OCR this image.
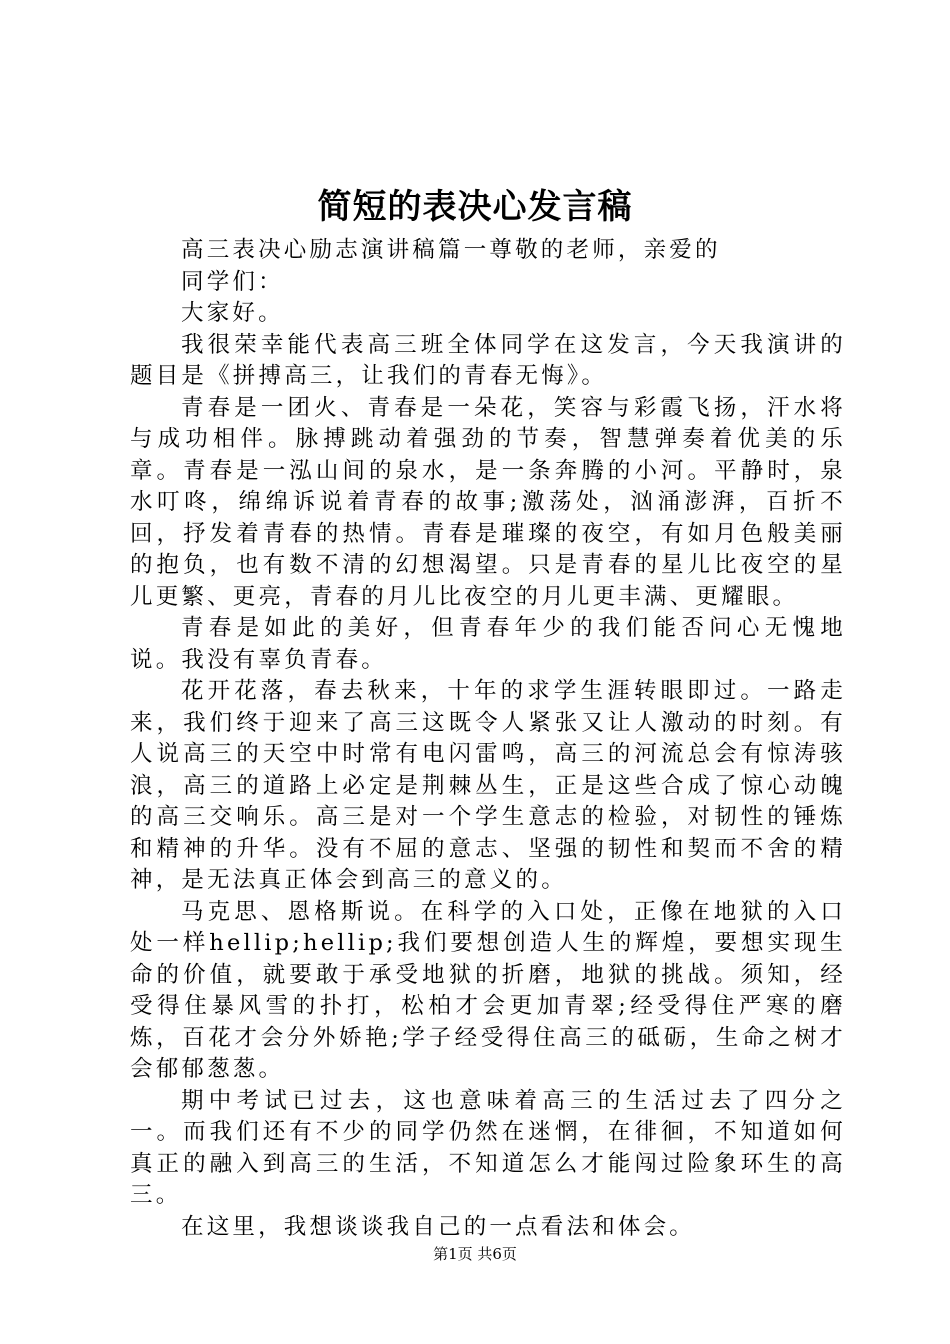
简短的表决心发言稿

高三表决心励志演讲稿篇一尊敬的老师，亲爱的

同学们：

大家好。

我很荣幸能代表高三班全体同学在这发言，今天我演讲的题目是《拼搏高三，让我们的青春无悔》。

青春是一团火、青春是一朵花，笑容与彩霞飞扬，汗水将与成功相伴。脉搏跳动着强劲的节奏，智慧弹奏着优美的乐章。青春是一泓山间的泉水，是一条奔腾的小河。平静时，泉水叮咚，绵绵诉说着青春的故事;激荡处，汹涌澎湃，百折不回，抒发着青春的热情。青春是璀璨的夜空，有如月色般美丽的抱负，也有数不清的幻想渴望。只是青春的星儿比夜空的星儿更繁、更亮，青春的月儿比夜空的月儿更丰满、更耀眼。

青春是如此的美好，但青春年少的我们能否问心无愧地说。我没有辜负青春。

花开花落，春去秋来，十年的求学生涯转眼即过。一路走来，我们终于迎来了高三这既令人紧张又让人激动的时刻。有人说高三的天空中时常有电闪雷鸣，高三的河流总会有惊涛骇浪，高三的道路上必定是荆棘丛生，正是这些合成了惊心动魄的高三交响乐。高三是对一个学生意志的检验，对韧性的锤炼和精神的升华。没有不屈的意志、坚强的韧性和契而不舍的精神，是无法真正体会到高三的意义的。

马克思、恩格斯说。在科学的入口处，正像在地狱的入口处一样hellip;hellip;我们要想创造人生的辉煌，要想实现生命的价值，就要敢于承受地狱的折磨，地狱的挑战。须知，经受得住暴风雪的扑打，松柏才会更加青翠;经受得住严寒的磨炼，百花才会分外娇艳;学子经受得住高三的砥砺，生命之树才会郁郁葱葱。

期中考试已过去，这也意味着高三的生活过去了四分之一。而我们还有不少的同学仍然在迷惘，在徘徊，不知道如何真正的融入到高三的生活，不知道怎么才能闯过险象环生的高三。

在这里，我想谈谈我自己的一点看法和体会。

第1页 共6页
